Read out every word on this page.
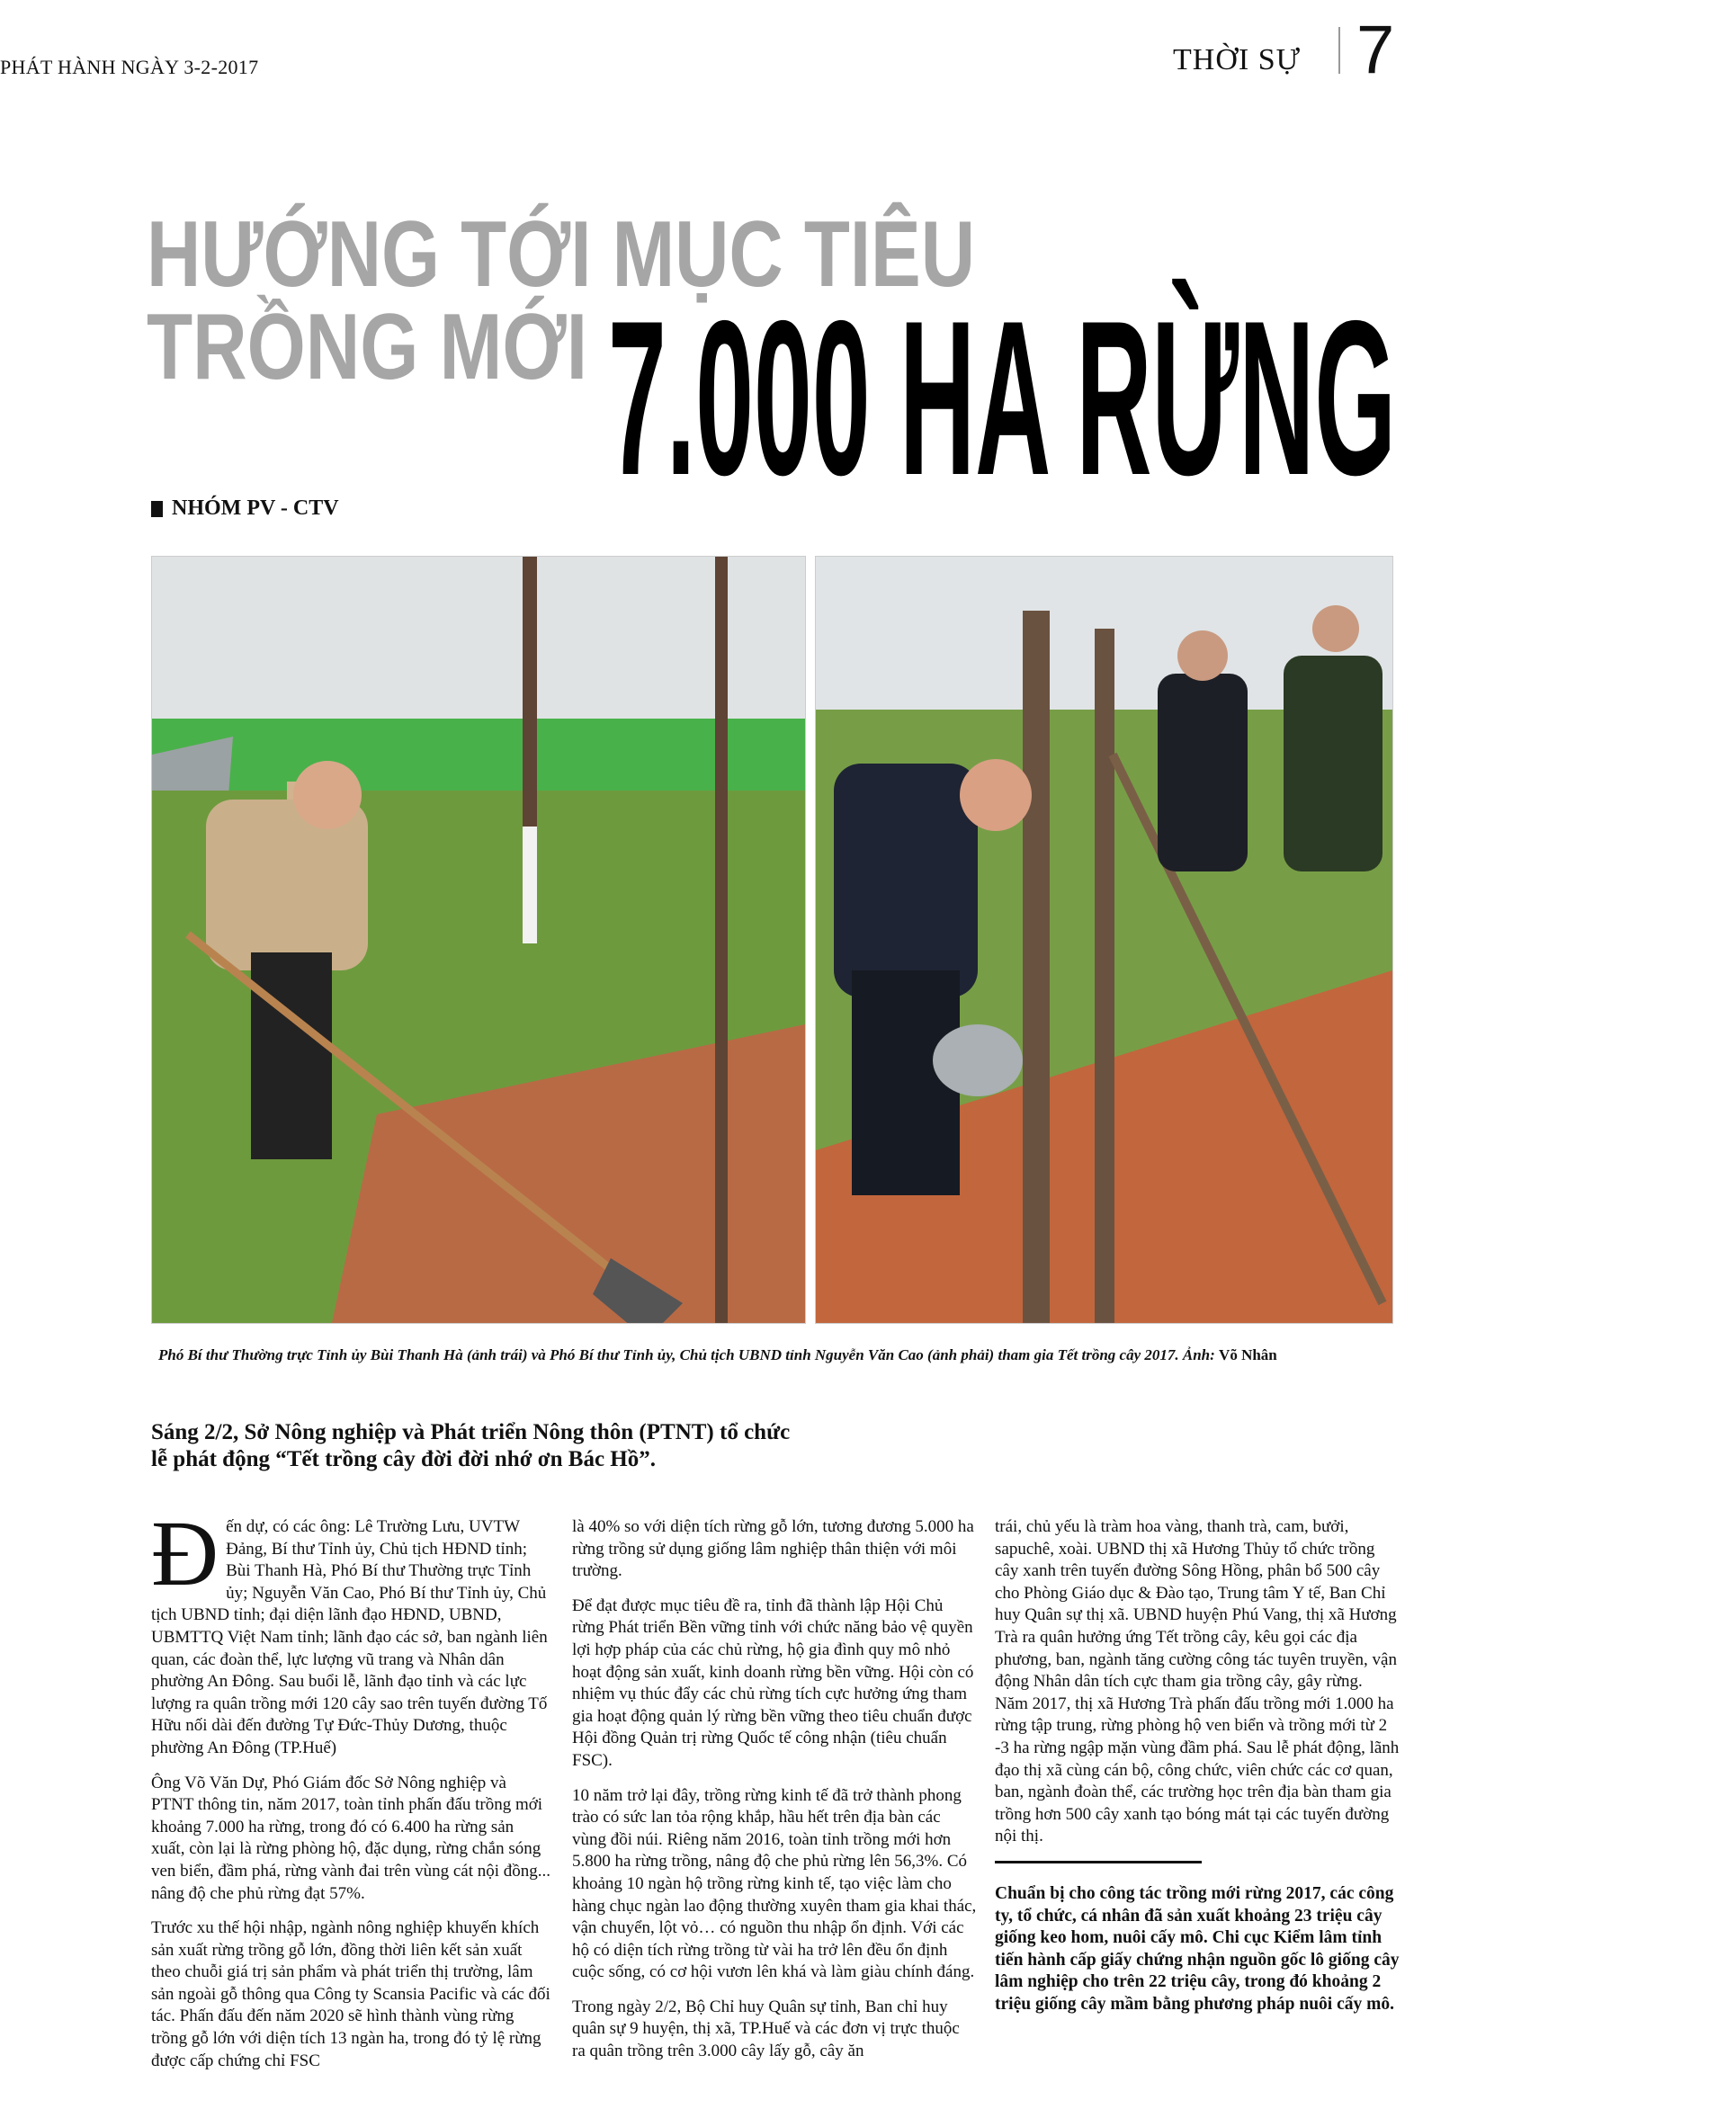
PHÁT HÀNH NGÀY 3-2-2017	THỜI SỰ 7
HƯỚNG TỚI MỤC TIÊU
TRỒNG MỚI 7.000 HA RỪNG
NHÓM PV - CTV
Phó Bí thư Thường trực Tỉnh ủy Bùi Thanh Hà (ảnh trái) và Phó Bí thư Tỉnh ủy, Chủ tịch UBND tỉnh Nguyễn Văn Cao (ảnh phải) tham gia Tết trồng cây 2017. Ảnh: Võ Nhân
Sáng 2/2, Sở Nông nghiệp và Phát triển Nông thôn (PTNT) tổ chức lễ phát động “Tết trồng cây đời đời nhớ ơn Bác Hồ”.

Đến dự, có các ông: Lê Trường Lưu, UVTW Đảng, Bí thư Tỉnh ủy, Chủ tịch HĐND tỉnh; Bùi Thanh Hà, Phó Bí thư Thường trực Tỉnh ủy; Nguyễn Văn Cao, Phó Bí thư Tỉnh ủy, Chủ tịch UBND tỉnh; đại diện lãnh đạo HĐND, UBND, UBMTTQ Việt Nam tỉnh; lãnh đạo các sở, ban ngành liên quan, các đoàn thể, lực lượng vũ trang và Nhân dân phường An Đông. Sau buổi lễ, lãnh đạo tỉnh và các lực lượng ra quân trồng mới 120 cây sao trên tuyến đường Tố Hữu nối dài đến đường Tự Đức-Thủy Dương, thuộc phường An Đông (TP.Huế)

Ông Võ Văn Dự, Phó Giám đốc Sở Nông nghiệp và PTNT thông tin, năm 2017, toàn tỉnh phấn đấu trồng mới khoảng 7.000 ha rừng, trong đó có 6.400 ha rừng sản xuất, còn lại là rừng phòng hộ, đặc dụng, rừng chắn sóng ven biển, đầm phá, rừng vành đai trên vùng cát nội đồng... nâng độ che phủ rừng đạt 57%.

Trước xu thế hội nhập, ngành nông nghiệp khuyến khích sản xuất rừng trồng gỗ lớn, đồng thời liên kết sản xuất theo chuỗi giá trị sản phẩm và phát triển thị trường, lâm sản ngoài gỗ thông qua Công ty Scansia Pacific và các đối tác. Phấn đấu đến năm 2020 sẽ hình thành vùng rừng trồng gỗ lớn với diện tích 13 ngàn ha, trong đó tỷ lệ rừng được cấp chứng chỉ FSC

là 40% so với diện tích rừng gỗ lớn, tương đương 5.000 ha rừng trồng sử dụng giống lâm nghiệp thân thiện với môi trường.

Để đạt được mục tiêu đề ra, tỉnh đã thành lập Hội Chủ rừng Phát triển Bền vững tỉnh với chức năng bảo vệ quyền lợi hợp pháp của các chủ rừng, hộ gia đình quy mô nhỏ hoạt động sản xuất, kinh doanh rừng bền vững. Hội còn có nhiệm vụ thúc đẩy các chủ rừng tích cực hưởng ứng tham gia hoạt động quản lý rừng bền vững theo tiêu chuẩn được Hội đồng Quản trị rừng Quốc tế công nhận (tiêu chuẩn FSC).

10 năm trở lại đây, trồng rừng kinh tế đã trở thành phong trào có sức lan tỏa rộng khắp, hầu hết trên địa bàn các vùng đồi núi. Riêng năm 2016, toàn tỉnh trồng mới hơn 5.800 ha rừng trồng, nâng độ che phủ rừng lên 56,3%. Có khoảng 10 ngàn hộ trồng rừng kinh tế, tạo việc làm cho hàng chục ngàn lao động thường xuyên tham gia khai thác, vận chuyển, lột vỏ… có nguồn thu nhập ổn định. Với các hộ có diện tích rừng trồng từ vài ha trở lên đều ổn định cuộc sống, có cơ hội vươn lên khá và làm giàu chính đáng.

Trong ngày 2/2, Bộ Chỉ huy Quân sự tỉnh, Ban chỉ huy quân sự 9 huyện, thị xã, TP.Huế và các đơn vị trực thuộc ra quân trồng trên 3.000 cây lấy gỗ, cây ăn

trái, chủ yếu là tràm hoa vàng, thanh trà, cam, bưởi, sapuchê, xoài. UBND thị xã Hương Thủy tổ chức trồng cây xanh trên tuyến đường Sông Hồng, phân bổ 500 cây cho Phòng Giáo dục & Đào tạo, Trung tâm Y tế, Ban Chỉ huy Quân sự thị xã. UBND huyện Phú Vang, thị xã Hương Trà ra quân hưởng ứng Tết trồng cây, kêu gọi các địa phương, ban, ngành tăng cường công tác tuyên truyền, vận động Nhân dân tích cực tham gia trồng cây, gây rừng. Năm 2017, thị xã Hương Trà phấn đấu trồng mới 1.000 ha rừng tập trung, rừng phòng hộ ven biển và trồng mới từ 2 -3 ha rừng ngập mặn vùng đầm phá. Sau lễ phát động, lãnh đạo thị xã cùng cán bộ, công chức, viên chức các cơ quan, ban, ngành đoàn thể, các trường học trên địa bàn tham gia trồng hơn 500 cây xanh tạo bóng mát tại các tuyến đường nội thị.

Chuẩn bị cho công tác trồng mới rừng 2017, các công ty, tổ chức, cá nhân đã sản xuất khoảng 23 triệu cây giống keo hom, nuôi cấy mô. Chi cục Kiểm lâm tỉnh tiến hành cấp giấy chứng nhận nguồn gốc lô giống cây lâm nghiệp cho trên 22 triệu cây, trong đó khoảng 2 triệu giống cây mầm bằng phương pháp nuôi cấy mô.
